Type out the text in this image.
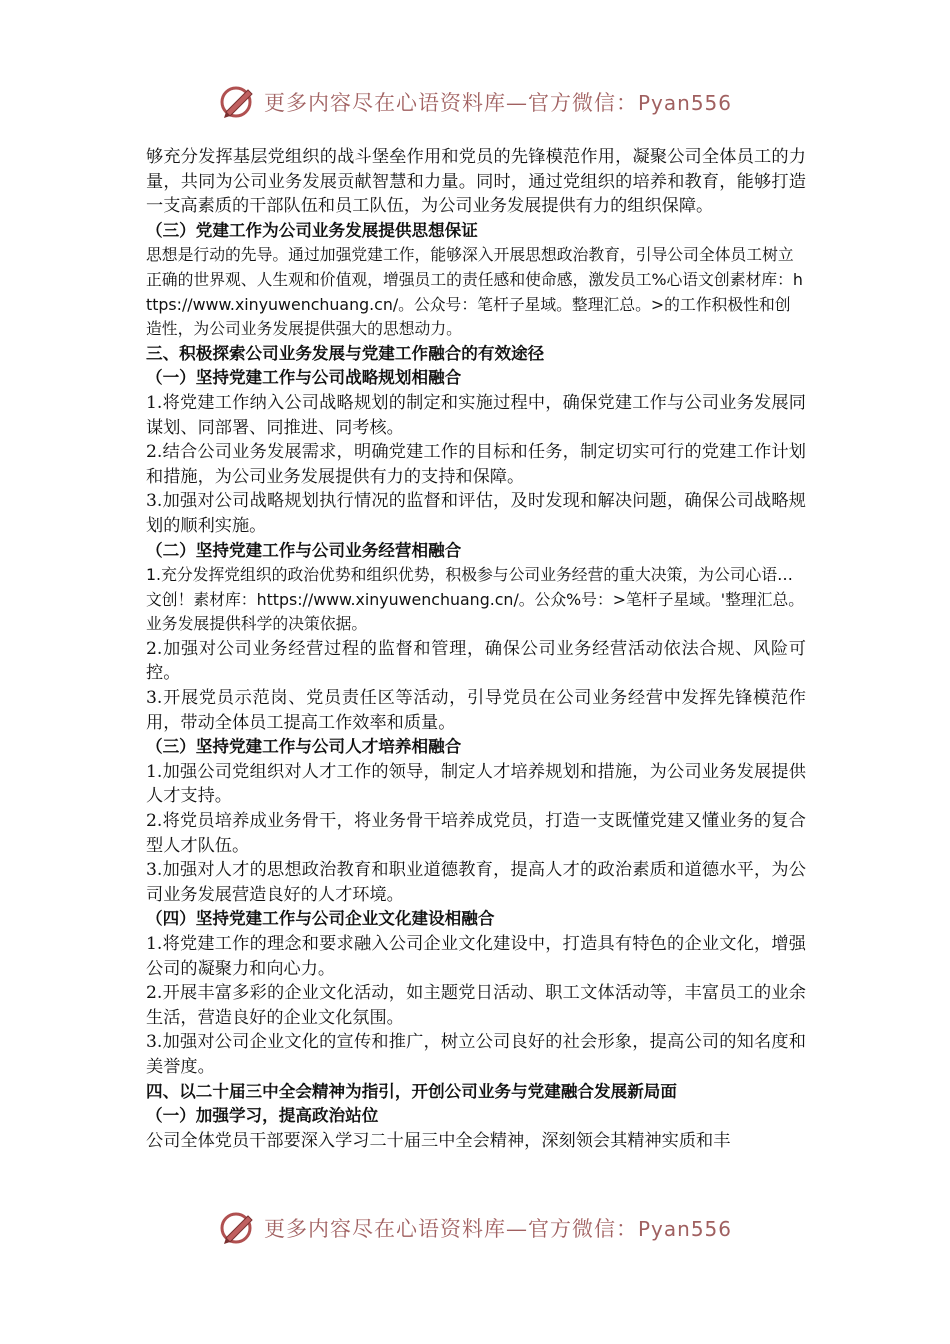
更多内容尽在心语资料库—官方微信：Pyan556

够充分发挥基层党组织的战斗堡垒作用和党员的先锋模范作用，凝聚公司全体员工的力量，共同为公司业务发展贡献智慧和力量。同时，通过党组织的培养和教育，能够打造一支高素质的干部队伍和员工队伍，为公司业务发展提供有力的组织保障。

（三）党建工作为公司业务发展提供思想保证

思想是行动的先导。通过加强党建工作，能够深入开展思想政治教育，引导公司全体员工树立正确的世界观、人生观和价值观，增强员工的责任感和使命感，激发员工%心语文创素材库：https://www.xinyuwenchuang.cn/。公众号：笔杆子星域。整理汇总。>的工作积极性和创造性，为公司业务发展提供强大的思想动力。

三、积极探索公司业务发展与党建工作融合的有效途径

（一）坚持党建工作与公司战略规划相融合

1.将党建工作纳入公司战略规划的制定和实施过程中，确保党建工作与公司业务发展同谋划、同部署、同推进、同考核。

2.结合公司业务发展需求，明确党建工作的目标和任务，制定切实可行的党建工作计划和措施，为公司业务发展提供有力的支持和保障。

3.加强对公司战略规划执行情况的监督和评估，及时发现和解决问题，确保公司战略规划的顺利实施。

（二）坚持党建工作与公司业务经营相融合

1.充分发挥党组织的政治优势和组织优势，积极参与公司业务经营的重大决策，为公司心语…文创！素材库：https://www.xinyuwenchuang.cn/。公众%号：>笔杆子星域。'整理汇总。业务发展提供科学的决策依据。

2.加强对公司业务经营过程的监督和管理，确保公司业务经营活动依法合规、风险可控。

3.开展党员示范岗、党员责任区等活动，引导党员在公司业务经营中发挥先锋模范作用，带动全体员工提高工作效率和质量。

（三）坚持党建工作与公司人才培养相融合

1.加强公司党组织对人才工作的领导，制定人才培养规划和措施，为公司业务发展提供人才支持。

2.将党员培养成业务骨干，将业务骨干培养成党员，打造一支既懂党建又懂业务的复合型人才队伍。

3.加强对人才的思想政治教育和职业道德教育，提高人才的政治素质和道德水平，为公司业务发展营造良好的人才环境。

（四）坚持党建工作与公司企业文化建设相融合

1.将党建工作的理念和要求融入公司企业文化建设中，打造具有特色的企业文化，增强公司的凝聚力和向心力。

2.开展丰富多彩的企业文化活动，如主题党日活动、职工文体活动等，丰富员工的业余生活，营造良好的企业文化氛围。

3.加强对公司企业文化的宣传和推广，树立公司良好的社会形象，提高公司的知名度和美誉度。

四、以二十届三中全会精神为指引，开创公司业务与党建融合发展新局面

（一）加强学习，提高政治站位

公司全体党员干部要深入学习二十届三中全会精神，深刻领会其精神实质和丰

更多内容尽在心语资料库—官方微信：Pyan556
